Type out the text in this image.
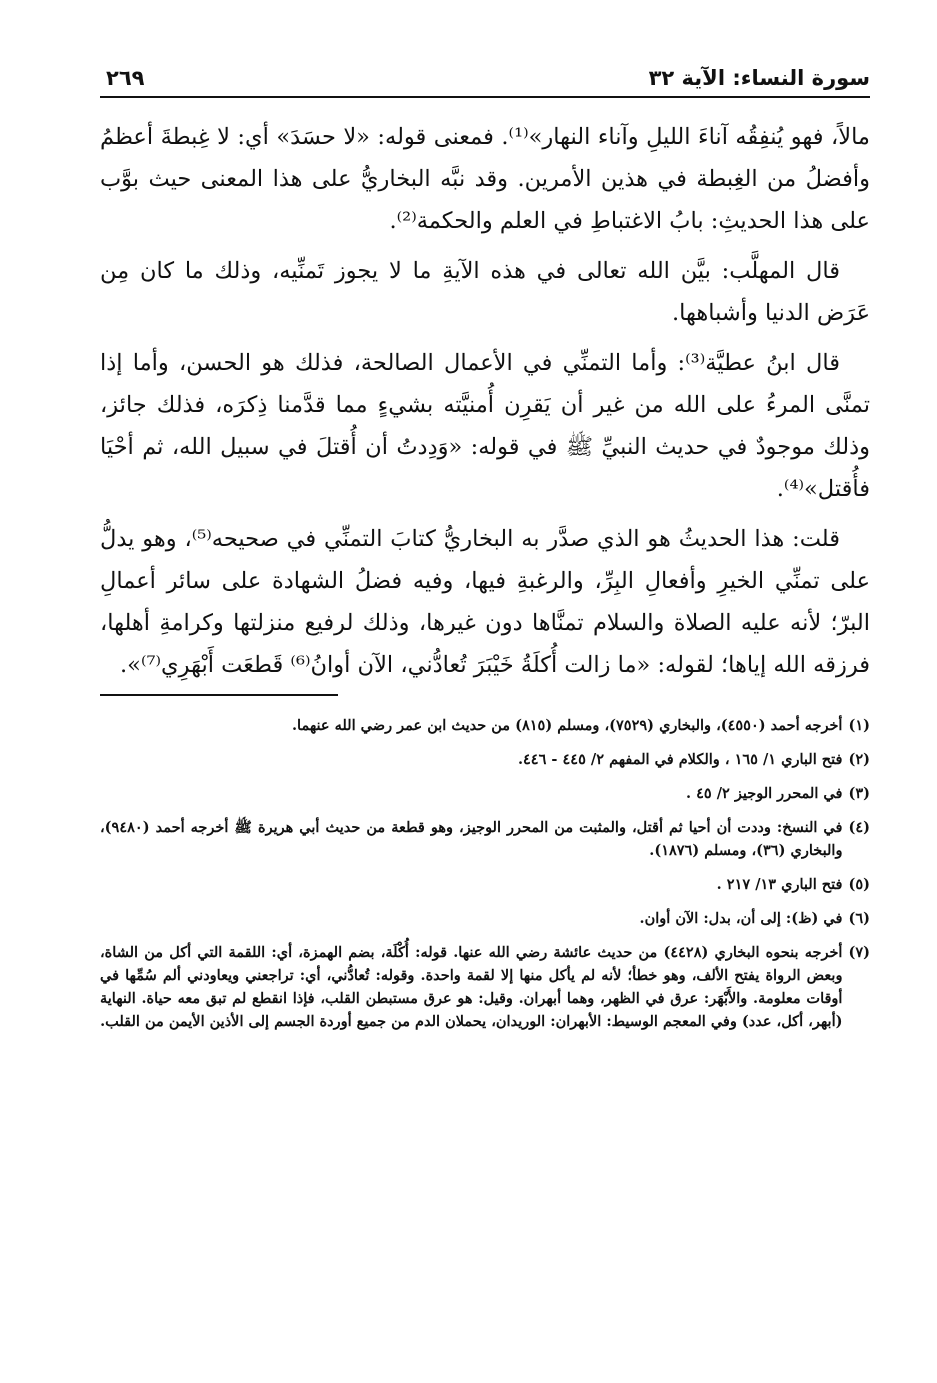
سورة النساء: الآية ٣٢
٢٦٩

مالاً، فهو يُنفِقُه آناءَ الليلِ وآناء النهار»⁽¹⁾. فمعنى قوله: «لا حسَدَ» أي: لا غِبطةَ أعظمُ وأفضلُ من الغِبطة في هذين الأمرين. وقد نبَّه البخاريُّ على هذا المعنى حيث بوَّب على هذا الحديثِ: بابُ الاغتباطِ في العلم والحكمة⁽²⁾.

قال المهلَّب: بيَّن الله تعالى في هذه الآيةِ ما لا يجوز تَمنِّيه، وذلك ما كان مِن عَرَض الدنيا وأشباهها.

قال ابنُ عطيَّة⁽³⁾: وأما التمنِّي في الأعمال الصالحة، فذلك هو الحسن، وأما إذا تمنَّى المرءُ على الله من غير أن يَقرِن أُمنيَّته بشيءٍ مما قدَّمنا ذِكرَه، فذلك جائز، وذلك موجودٌ في حديث النبيِّ ﷺ في قوله: «وَدِدتُ أن أُقتلَ في سبيل الله، ثم أحْيَا فأُقتل»⁽⁴⁾.

قلت: هذا الحديثُ هو الذي صدَّر به البخاريُّ كتابَ التمنِّي في صحيحه⁽⁵⁾، وهو يدلُّ على تمنِّي الخيرِ وأفعالِ البِرِّ، والرغبةِ فيها، وفيه فضلُ الشهادة على سائر أعمالِ البرّ؛ لأنه عليه الصلاة والسلام تمنَّاها دون غيرها، وذلك لرفيع منزلتها وكرامةِ أهلها، فرزقه الله إياها؛ لقوله: «ما زالت أُكلَةُ خَيْبَرَ تُعادُّني، الآن أوانُ⁽⁶⁾ قَطعَت أَبْهَرِي⁽⁷⁾».

(١)
أخرجه أحمد (٤٥٥٠)، والبخاري (٧٥٢٩)، ومسلم (٨١٥) من حديث ابن عمر رضي الله عنهما.
(٢)
فتح الباري ١/ ١٦٥ ، والكلام في المفهم ٢/ ٤٤٥ - ٤٤٦.
(٣)
في المحرر الوجيز ٢/ ٤٥ .
(٤)
في النسخ: وددت أن أحيا ثم أقتل، والمثبت من المحرر الوجيز، وهو قطعة من حديث أبي هريرة ﷺ أخرجه أحمد (٩٤٨٠)، والبخاري (٣٦)، ومسلم (١٨٧٦).
(٥)
فتح الباري ١٣/ ٢١٧ .
(٦)
في (ظ): إلى أن، بدل: الآن أوان.
(٧)
أخرجه بنحوه البخاري (٤٤٢٨) من حديث عائشة رضي الله عنها. قوله: أُكْلَة، بضم الهمزة، أي: اللقمة التي أكل من الشاة، وبعض الرواة يفتح الألف، وهو خطأ؛ لأنه لم يأكل منها إلا لقمة واحدة. وقوله: تُعادُّني، أي: تراجعني ويعاودني ألم سُمِّها في أوقات معلومة. والأَبْهَر: عرق في الظهر، وهما أبهران. وقيل: هو عرق مستبطن القلب، فإذا انقطع لم تبق معه حياة. النهاية (أبهر، أكل، عدد) وفي المعجم الوسيط: الأبهران: الوريدان، يحملان الدم من جميع أوردة الجسم إلى الأذين الأيمن من القلب.
